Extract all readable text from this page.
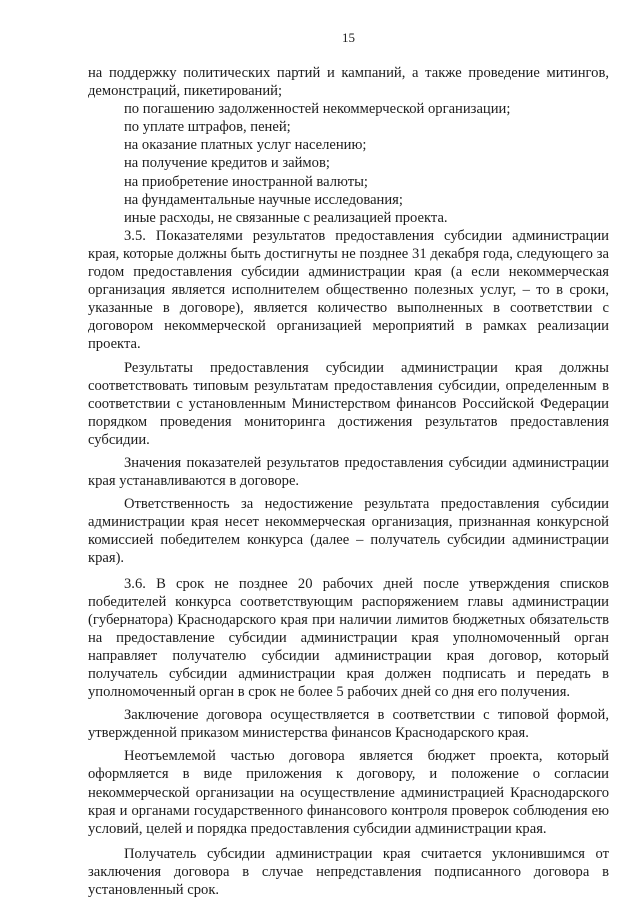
15

на поддержку политических партий и кампаний, а также проведение митингов, демонстраций, пикетирований;

по погашению задолженностей некоммерческой организации;

по уплате штрафов, пеней;

на оказание платных услуг населению;

на получение кредитов и займов;

на приобретение иностранной валюты;

на фундаментальные научные исследования;

иные расходы, не связанные с реализацией проекта.

3.5. Показателями результатов предоставления субсидии администрации края, которые должны быть достигнуты не позднее 31 декабря года, следующего за годом предоставления субсидии администрации края (а если некоммерческая организация является исполнителем общественно полезных услуг, – то в сроки, указанные в договоре), является количество выполненных в соответствии с договором некоммерческой организацией мероприятий в рамках реализации проекта.

Результаты предоставления субсидии администрации края должны соответствовать типовым результатам предоставления субсидии, определенным в соответствии с установленным Министерством финансов Российской Федерации порядком проведения мониторинга достижения результатов предоставления субсидии.

Значения показателей результатов предоставления субсидии администрации края устанавливаются в договоре.

Ответственность за недостижение результата предоставления субсидии администрации края несет некоммерческая организация, признанная конкурсной комиссией победителем конкурса (далее – получатель субсидии администрации края).

3.6. В срок не позднее 20 рабочих дней после утверждения списков победителей конкурса соответствующим распоряжением главы администрации (губернатора) Краснодарского края при наличии лимитов бюджетных обязательств на предоставление субсидии администрации края уполномоченный орган направляет получателю субсидии администрации края договор, который получатель субсидии администрации края должен подписать и передать в уполномоченный орган в срок не более 5 рабочих дней со дня его получения.

Заключение договора осуществляется в соответствии с типовой формой, утвержденной приказом министерства финансов Краснодарского края.

Неотъемлемой частью договора является бюджет проекта, который оформляется в виде приложения к договору, и положение о согласии некоммерческой организации на осуществление администрацией Краснодарского края и органами государственного финансового контроля проверок соблюдения ею условий, целей и порядка предоставления субсидии администрации края.

Получатель субсидии администрации края считается уклонившимся от заключения договора в случае непредставления подписанного договора в установленный срок.
